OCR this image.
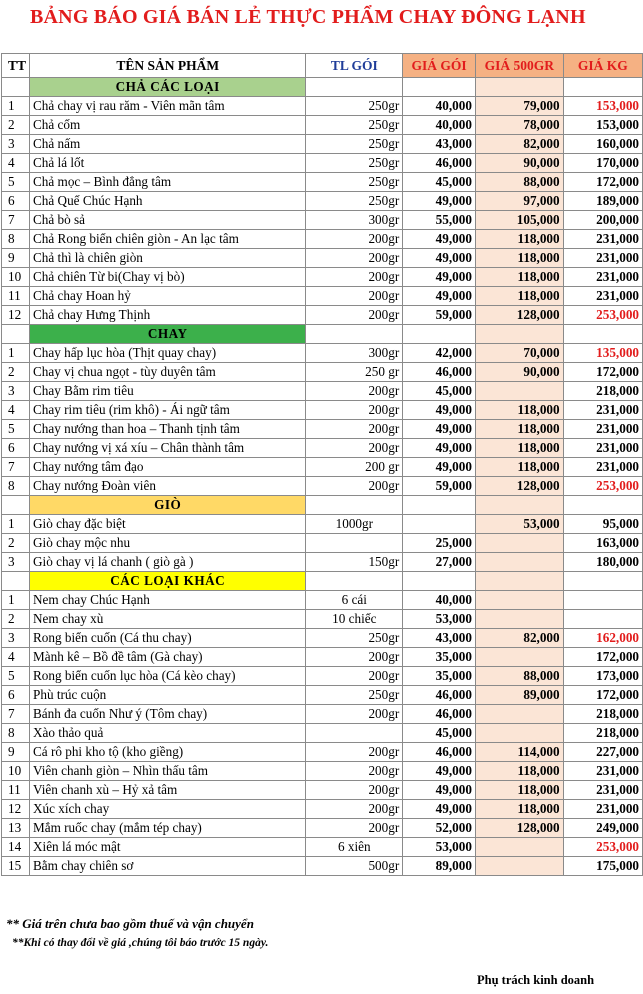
BẢNG BÁO GIÁ BÁN LẺ THỰC PHẨM CHAY ĐÔNG LẠNH
TT	TÊN SẢN PHẨM	TL GÓI	GIÁ GÓI	GIÁ 500GR	GIÁ KG
	CHẢ CÁC LOẠI				
1	Chả chay vị rau răm - Viên mãn tâm	250gr	40,000	79,000	153,000
2	Chả cốm	250gr	40,000	78,000	153,000
3	Chả nấm	250gr	43,000	82,000	160,000
4	Chả lá lốt	250gr	46,000	90,000	170,000
5	Chả mọc – Bình đẳng tâm	250gr	45,000	88,000	172,000
6	Chả Quế Chúc Hạnh	250gr	49,000	97,000	189,000
7	Chả bò sả	300gr	55,000	105,000	200,000
8	Chả Rong biển chiên giòn - An lạc tâm	200gr	49,000	118,000	231,000
9	Chả thì là chiên giòn	200gr	49,000	118,000	231,000
10	Chả chiên Từ bi(Chay vị bò)	200gr	49,000	118,000	231,000
11	Chả chay Hoan hỷ	200gr	49,000	118,000	231,000
12	Chả chay Hưng Thịnh	200gr	59,000	128,000	253,000
	CHAY				
1	Chay hấp lục hòa (Thịt quay chay)	300gr	42,000	70,000	135,000
2	Chay vị chua ngọt - tùy duyên tâm	250 gr	46,000	90,000	172,000
3	Chay Bằm rim tiêu	200gr	45,000		218,000
4	Chay rim tiêu (rim khô) - Ái ngữ tâm	200gr	49,000	118,000	231,000
5	Chay nướng than hoa – Thanh tịnh tâm	200gr	49,000	118,000	231,000
6	Chay nướng vị xá xíu – Chân thành tâm	200gr	49,000	118,000	231,000
7	Chay nướng tâm đạo	200 gr	49,000	118,000	231,000
8	Chay nướng Đoàn viên	200gr	59,000	128,000	253,000
	GIÒ				
1	Giò chay đặc biệt	1000gr		53,000	95,000
2	Giò chay mộc nhu		25,000		163,000
3	Giò chay vị lá chanh ( giò gà )	150gr	27,000		180,000
	CÁC LOẠI KHÁC				
1	Nem chay Chúc Hạnh	6 cái	40,000		
2	Nem chay xù	10 chiếc	53,000		
3	Rong biển cuốn (Cá thu chay)	250gr	43,000	82,000	162,000
4	Mành kê – Bồ đề tâm (Gà chay)	200gr	35,000		172,000
5	Rong biển cuốn lục hòa (Cá kèo chay)	200gr	35,000	88,000	173,000
6	Phù trúc cuộn	250gr	46,000	89,000	172,000
7	Bánh đa cuốn Như ý (Tôm chay)	200gr	46,000		218,000
8	Xào thảo quả		45,000		218,000
9	Cá rô phi kho tộ (kho giềng)	200gr	46,000	114,000	227,000
10	Viên chanh giòn – Nhìn thấu tâm	200gr	49,000	118,000	231,000
11	Viên chanh xù – Hỷ xả tâm	200gr	49,000	118,000	231,000
12	Xúc xích chay	200gr	49,000	118,000	231,000
13	Mắm ruốc chay (mắm tép chay)	200gr	52,000	128,000	249,000
14	Xiên lá móc mật	6 xiên	53,000		253,000
15	Bằm chay chiên sơ	500gr	89,000		175,000
** Giá trên chưa bao gồm thuế và vận chuyển
**Khi có thay đổi về giá ,chúng tôi báo trước 15 ngày.
Phụ trách kinh doanh
